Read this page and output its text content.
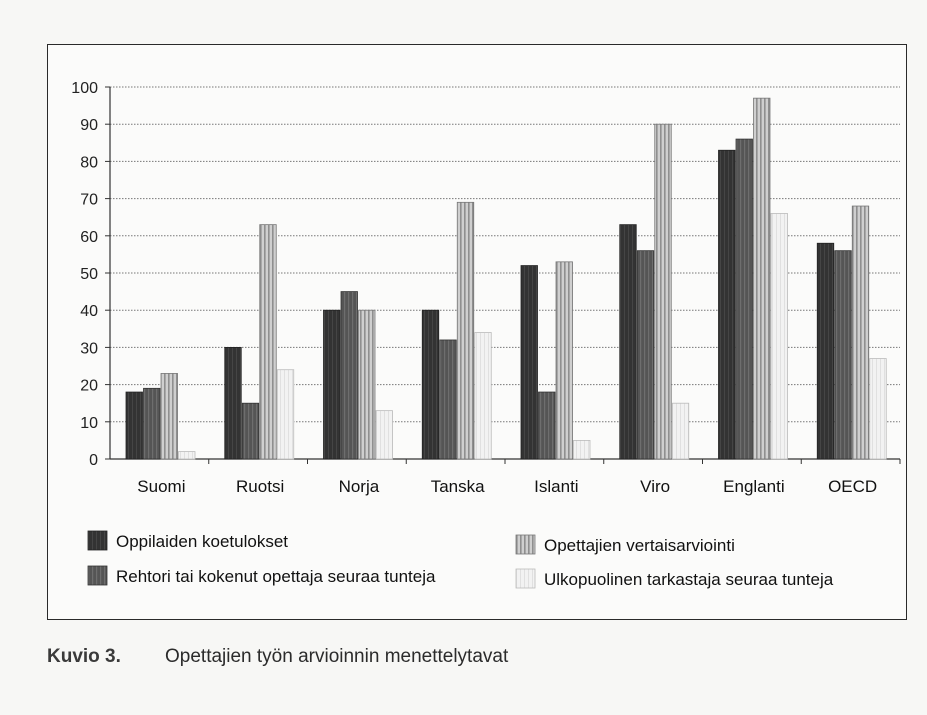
0
10
20
30
40
50
60
70
80
90
100
Suomi	Ruotsi	Norja	Tanska	Islanti	Viro	Englanti	OECD
Oppilaiden koetulokset
Rehtori tai kokenut opettaja seuraa tunteja
Opettajien vertaisarviointi
Ulkopuolinen tarkastaja seuraa tunteja
Kuvio 3. Opettajien työn arvioinnin menettelytavat
